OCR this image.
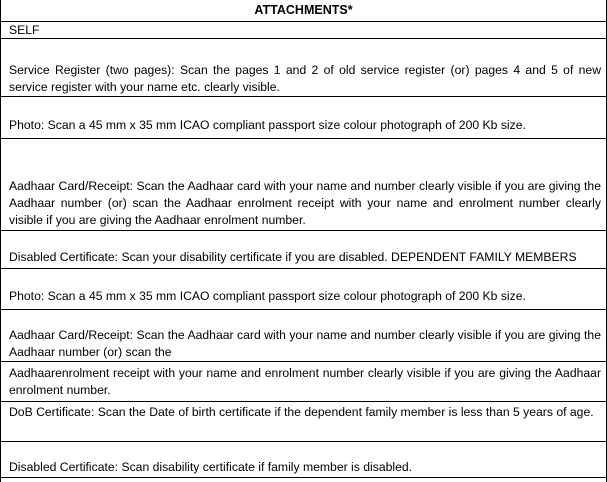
ATTACHMENTS*
SELF
Service Register (two pages): Scan the pages 1 and 2 of old service register (or) pages 4 and 5 of new service register with your name etc. clearly visible.
Photo: Scan a 45 mm x 35 mm ICAO compliant passport size colour photograph of 200 Kb size.
Aadhaar Card/Receipt: Scan the Aadhaar card with your name and number clearly visible if you are giving the Aadhaar number (or) scan the Aadhaar enrolment receipt with your name and enrolment number clearly visible if you are giving the Aadhaar enrolment number.
Disabled Certificate: Scan your disability certificate if you are disabled. DEPENDENT FAMILY MEMBERS
Photo: Scan a 45 mm x 35 mm ICAO compliant passport size colour photograph of 200 Kb size.
Aadhaar Card/Receipt: Scan the Aadhaar card with your name and number clearly visible if you are giving the Aadhaar number (or) scan the
Aadhaarenrolment receipt with your name and enrolment number clearly visible if you are giving the Aadhaar enrolment number.
DoB Certificate: Scan the Date of birth certificate if the dependent family member is less than 5 years of age.
Disabled Certificate: Scan disability certificate if family member is disabled.
